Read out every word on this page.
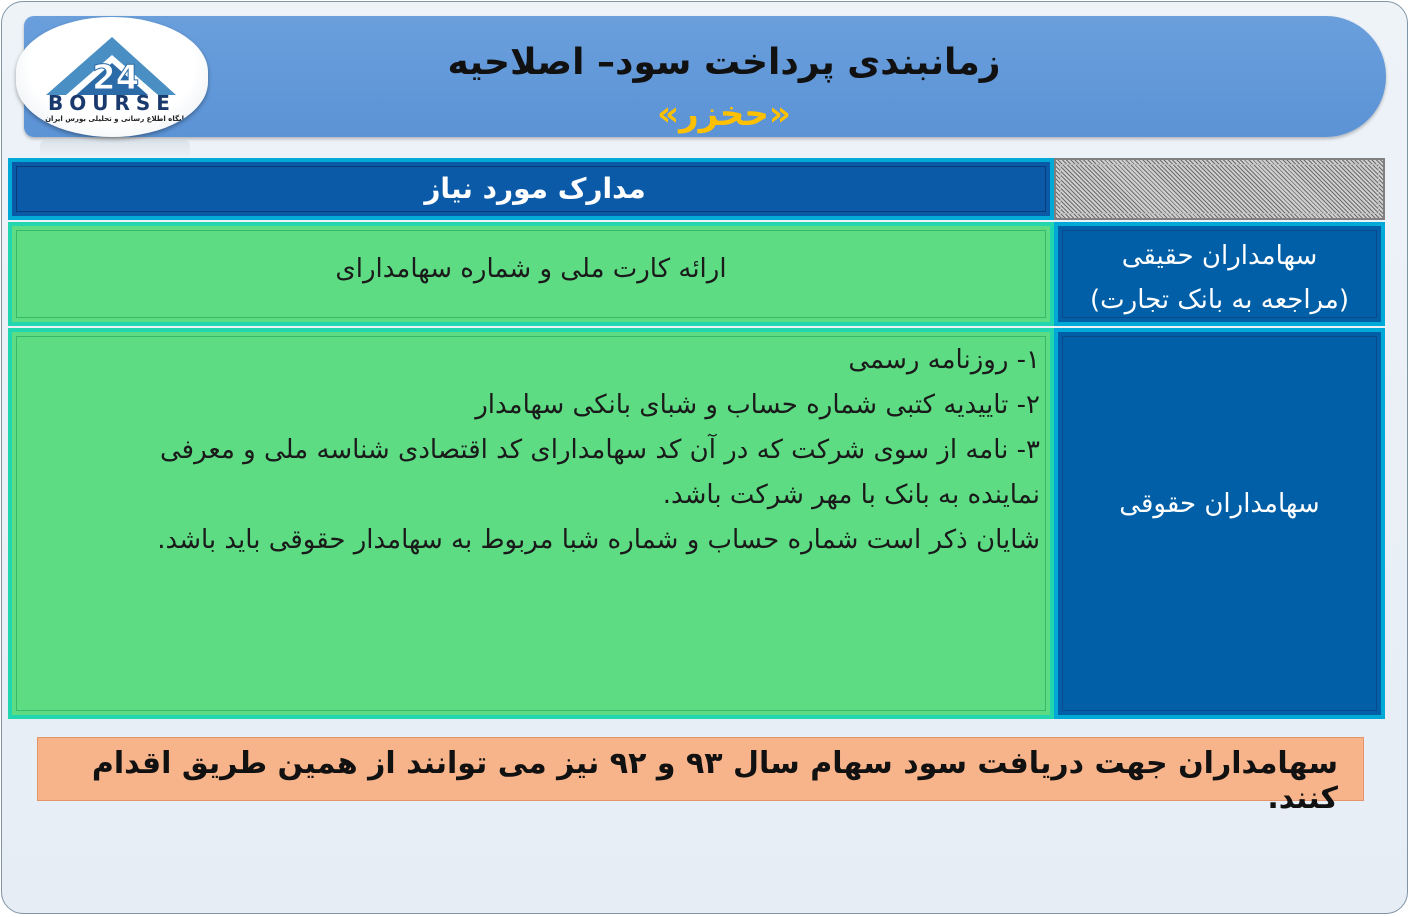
زمانبندی پرداخت سود– اصلاحیه
«حخزر»
24
BOURSE
پایگاه اطلاع رسانی و تحلیلی بورس ایران
مدارک مورد نیاز
سهامداران حقیقی
(مراجعه به بانک تجارت)
ارائه کارت ملی و شماره سهامدارای
سهامداران حقوقی
۱- روزنامه رسمی
۲- تاییدیه کتبی شماره حساب و شبای بانکی سهامدار
۳- نامه از سوی شرکت که در آن کد سهامدارای کد اقتصادی شناسه ملی و معرفی
نماینده به بانک با مهر شرکت باشد.
شایان ذکر است شماره حساب و شماره شبا مربوط به سهامدار حقوقی باید باشد.
سهامداران جهت دریافت سود سهام سال ۹۳ و ۹۲ نیز می توانند از همین طریق اقدام کنند.
